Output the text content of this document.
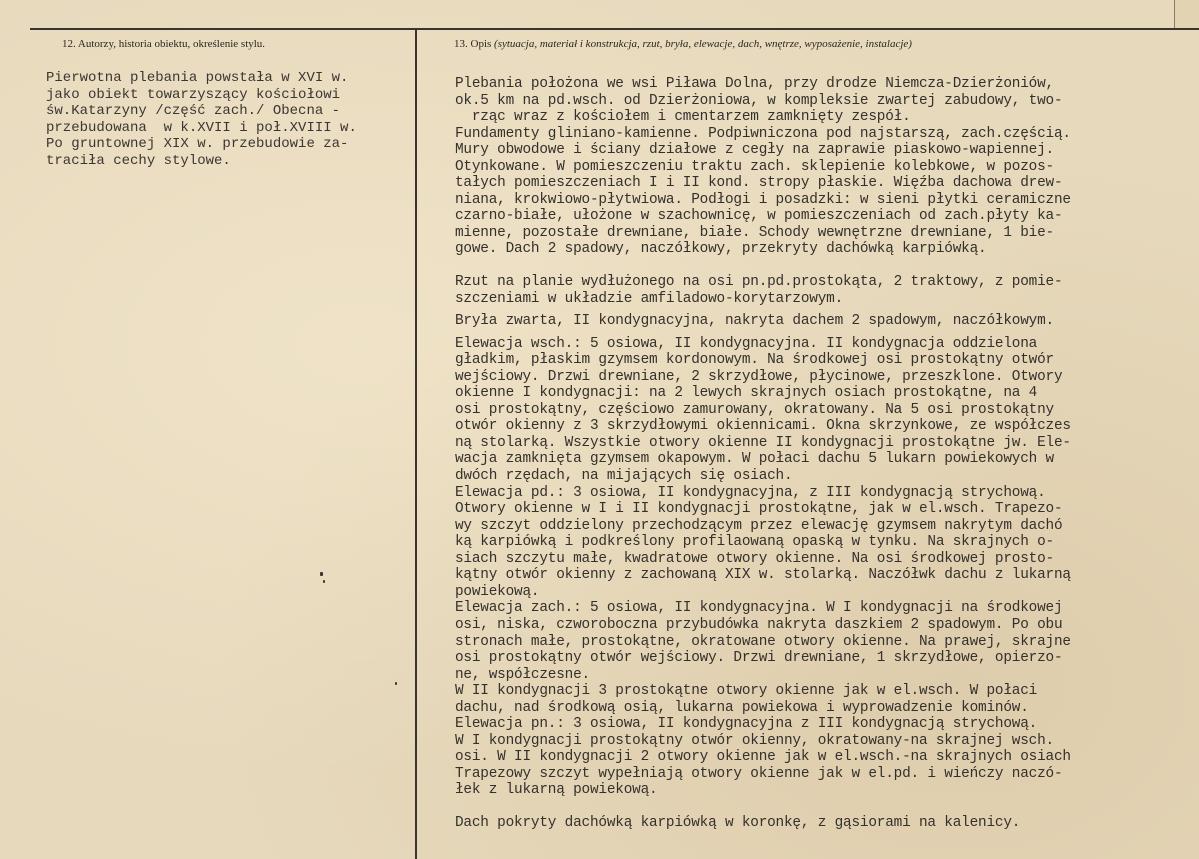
12. Autorzy, historia obiektu, określenie stylu.	13. Opis (sytuacja, materiał i konstrukcja, rzut, bryła, elewacje, dach, wnętrze, wyposażenie, instalacje)
Pierwotna plebania powstała w XVI w.
jako obiekt towarzyszący kościołowi
św.Katarzyny /część zach./ Obecna -
przebudowana  w k.XVII i poł.XVIII w.
Po gruntownej XIX w. przebudowie za-
traciła cechy stylowe.
Plebania położona we wsi Piława Dolna, przy drodze Niemcza-Dzierżoniów,
ok.5 km na pd.wsch. od Dzierżoniowa, w kompleksie zwartej zabudowy, two-
rząc wraz z kościołem i cmentarzem zamknięty zespół.
Fundamenty gliniano-kamienne. Podpiwniczona pod najstarszą, zach.częścią.
Mury obwodowe i ściany działowe z cegły na zaprawie piaskowo-wapiennej.
Otynkowane. W pomieszczeniu traktu zach. sklepienie kolebkowe, w pozos-
tałych pomieszczeniach I i II kond. stropy płaskie. Więźba dachowa drew-
niana, krokwiowo-płytwiowa. Podłogi i posadzki: w sieni płytki ceramiczne
czarno-białe, ułożone w szachownicę, w pomieszczeniach od zach.płyty ka-
mienne, pozostałe drewniane, białe. Schody wewnętrzne drewniane, 1 bie-
gowe. Dach 2 spadowy, naczółkowy, przekryty dachówką karpiówką.
Rzut na planie wydłużonego na osi pn.pd.prostokąta, 2 traktowy, z pomie-
szczeniami w układzie amfiladowo-korytarzowym.
Bryła zwarta, II kondygnacyjna, nakryta dachem 2 spadowym, naczółkowym.
Elewacja wsch.: 5 osiowa, II kondygnacyjna. II kondygnacja oddzielona
gładkim, płaskim gzymsem kordonowym. Na środkowej osi prostokątny otwór
wejściowy. Drzwi drewniane, 2 skrzydłowe, płycinowe, przeszklone. Otwory
okienne I kondygnacji: na 2 lewych skrajnych osiach prostokątne, na 4
osi prostokątny, częściowo zamurowany, okratowany. Na 5 osi prostokątny
otwór okienny z 3 skrzydłowymi okiennicami. Okna skrzynkowe, ze współczes
ną stolarką. Wszystkie otwory okienne II kondygnacji prostokątne jw. Ele-
wacja zamknięta gzymsem okapowym. W połaci dachu 5 lukarn powiekowych w
dwóch rzędach, na mijających się osiach.
Elewacja pd.: 3 osiowa, II kondygnacyjna, z III kondygnacją strychową.
Otwory okienne w I i II kondygnacji prostokątne, jak w el.wsch. Trapezo-
wy szczyt oddzielony przechodzącym przez elewację gzymsem nakrytym dachó
ką karpiówką i podkreślony profilaowaną opaską w tynku. Na skrajnych o-
siach szczytu małe, kwadratowe otwory okienne. Na osi środkowej prosto-
kątny otwór okienny z zachowaną XIX w. stolarką. Naczółwk dachu z lukarną
powiekową.
Elewacja zach.: 5 osiowa, II kondygnacyjna. W I kondygnacji na środkowej
osi, niska, czworoboczna przybudówka nakryta daszkiem 2 spadowym. Po obu
stronach małe, prostokątne, okratowane otwory okienne. Na prawej, skrajne
osi prostokątny otwór wejściowy. Drzwi drewniane, 1 skrzydłowe, opierzo-
ne, współczesne.
W II kondygnacji 3 prostokątne otwory okienne jak w el.wsch. W połaci
dachu, nad środkową osią, lukarna powiekowa i wyprowadzenie kominów.
Elewacja pn.: 3 osiowa, II kondygnacyjna z III kondygnacją strychową.
W I kondygnacji prostokątny otwór okienny, okratowany-na skrajnej wsch.
osi. W II kondygnacji 2 otwory okienne jak w el.wsch.-na skrajnych osiach
Trapezowy szczyt wypełniają otwory okienne jak w el.pd. i wieńczy naczó-
łek z lukarną powiekową.
Dach pokryty dachówką karpiówką w koronkę, z gąsiorami na kalenicy.
